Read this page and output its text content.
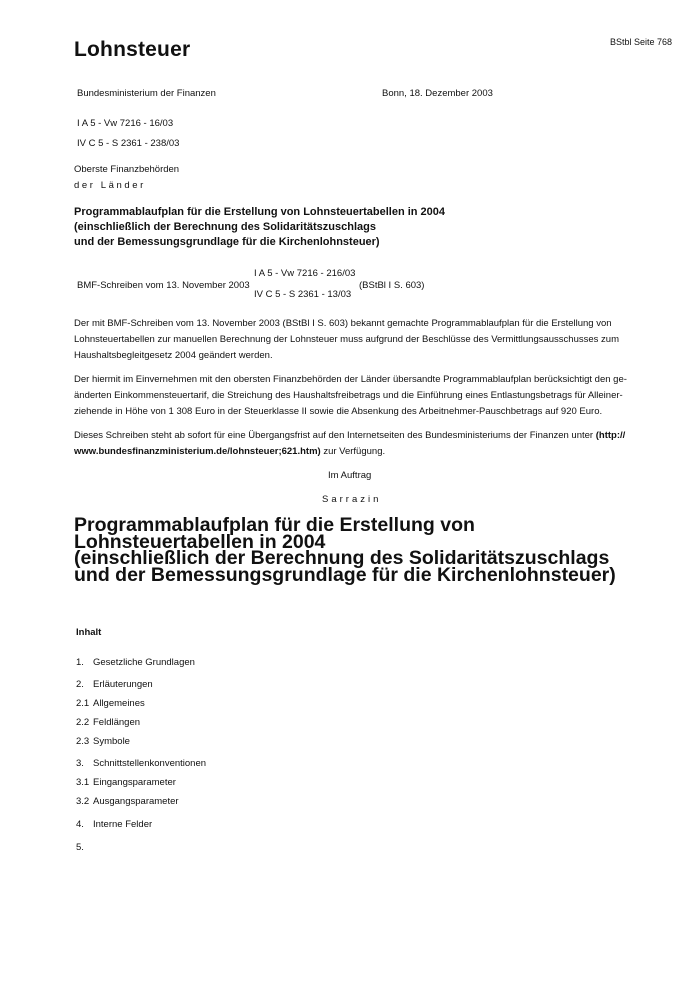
BStbl Seite 768
Lohnsteuer
Bundesministerium der Finanzen	Bonn, 18. Dezember 2003
I A 5 - Vw 7216 - 16/03
IV C 5 - S 2361 - 238/03
Oberste Finanzbehörden
der Länder
Programmablaufplan für die Erstellung von Lohnsteuertabellen in 2004
(einschließlich der Berechnung des Solidaritätszuschlags
und der Bemessungsgrundlage für die Kirchenlohnsteuer)
BMF-Schreiben vom 13. November 2003
I A 5 - Vw 7216 - 216/03
IV C 5 - S 2361 - 13/03
(BStBl I S. 603)
Der mit BMF-Schreiben vom 13. November 2003 (BStBl I S. 603) bekannt gemachte Programmablaufplan für die Erstellung von
Lohnsteuertabellen zur manuellen Berechnung der Lohnsteuer muss aufgrund der Beschlüsse des Vermittlungsausschusses zum
Haushaltsbegleitgesetz 2004 geändert werden.
Der hiermit im Einvernehmen mit den obersten Finanzbehörden der Länder übersandte Programmablaufplan berücksichtigt den ge-
änderten Einkommensteuertarif, die Streichung des Haushaltsfreibetrags und die Einführung eines Entlastungsbetrags für Alleiner-
ziehende in Höhe von 1 308 Euro in der Steuerklasse II sowie die Absenkung des Arbeitnehmer-Pauschbetrags auf 920 Euro.
Dieses Schreiben steht ab sofort für eine Übergangsfrist auf den Internetseiten des Bundesministeriums der Finanzen unter (http://
www.bundesfinanzministerium.de/lohnsteuer;621.htm) zur Verfügung.
Im Auftrag
Sarrazin
Programmablaufplan für die Erstellung von
Lohnsteuertabellen in 2004
(einschließlich der Berechnung des Solidaritätszuschlags
und der Bemessungsgrundlage für die Kirchenlohnsteuer)
Inhalt
1. Gesetzliche Grundlagen
2. Erläuterungen
2.1 Allgemeines
2.2 Feldlängen
2.3 Symbole
3. Schnittstellenkonventionen
3.1 Eingangsparameter
3.2 Ausgangsparameter
4. Interne Felder
5.
